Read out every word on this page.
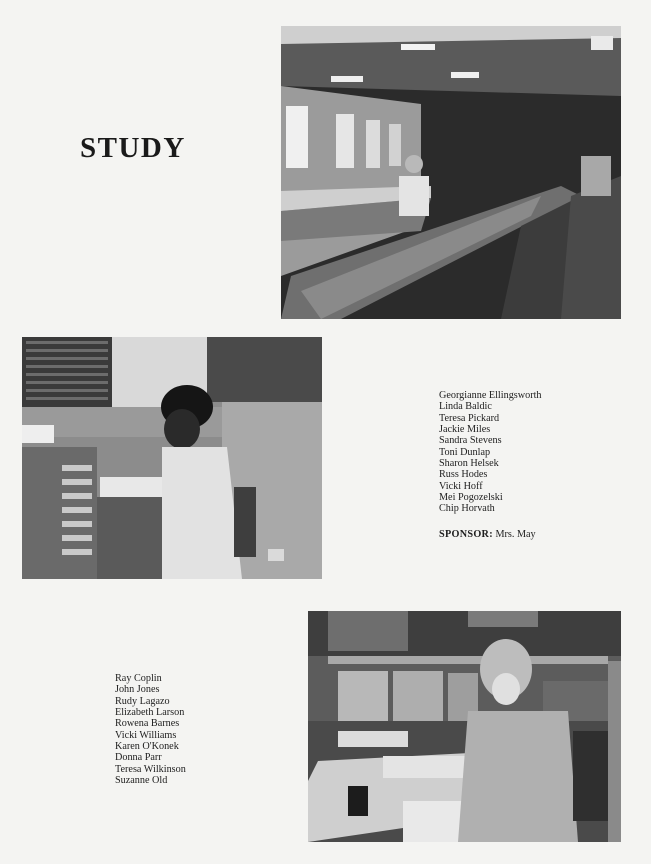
STUDY
Georgianne Ellingsworth
Linda Baldic
Teresa Pickard
Jackie Miles
Sandra Stevens
Toni Dunlap
Sharon Helsek
Russ Hodes
Vicki Hoff
Mei Pogozelski
Chip Horvath
SPONSOR: Mrs. May
Ray Coplin
John Jones
Rudy Lagazo
Elizabeth Larson
Rowena Barnes
Vicki Williams
Karen O'Konek
Donna Parr
Teresa Wilkinson
Suzanne Old
